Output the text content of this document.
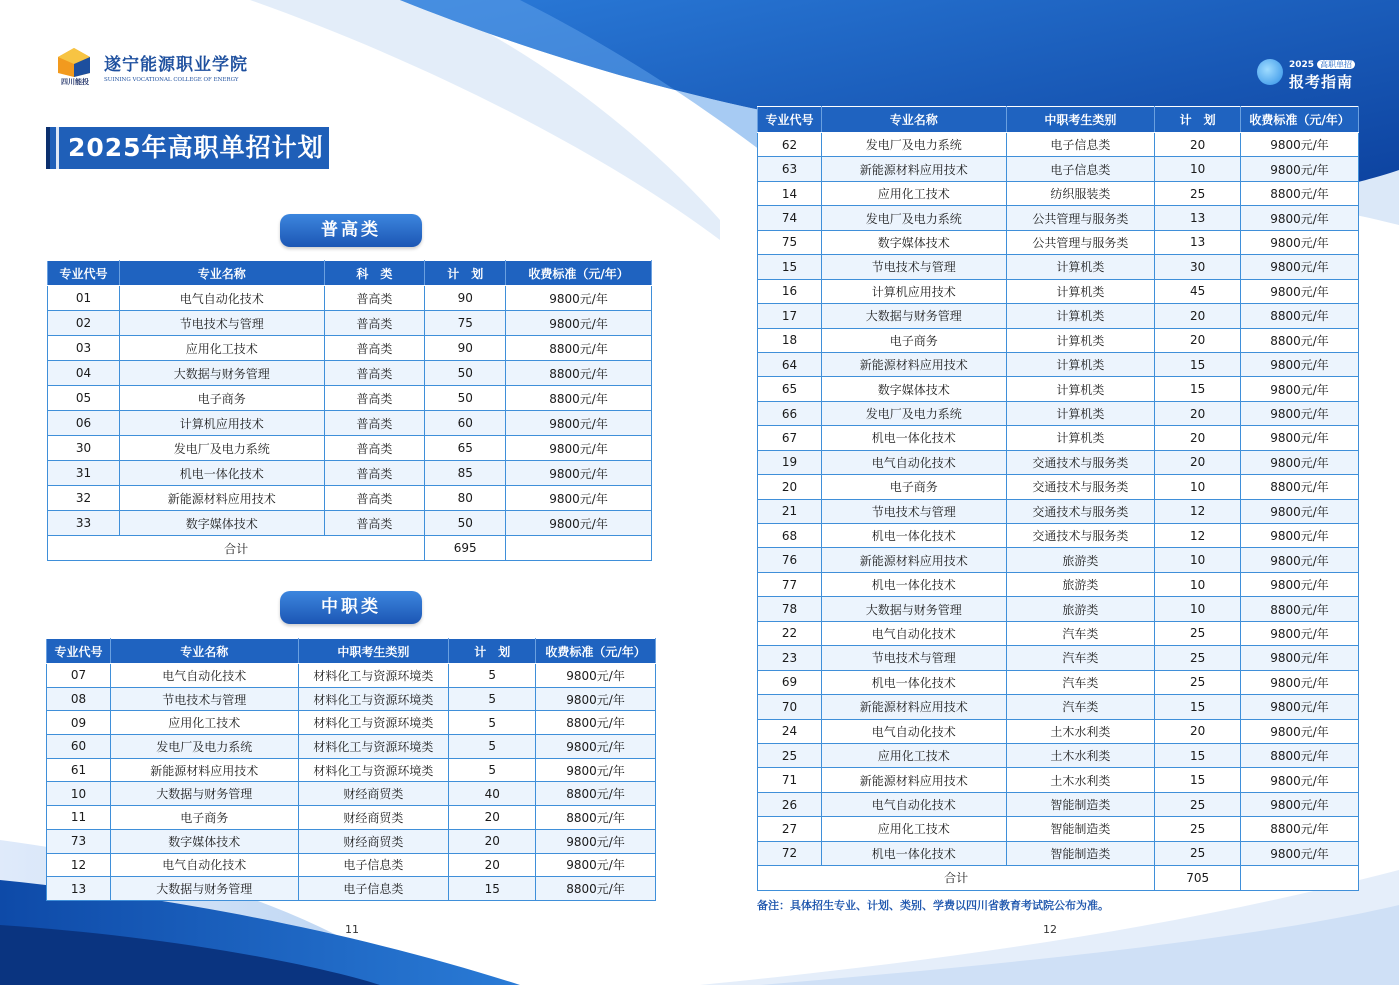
四川能投
遂宁能源职业学院
SUINING VOCATIONAL COLLEGE OF ENERGY
2025 高职单招
报考指南
2025年高职单招计划
普高类
中职类
专业代号	专业名称	科　类	计　划	收费标准（元/年）
01	电气自动化技术	普高类	90	9800元/年
02	节电技术与管理	普高类	75	9800元/年
03	应用化工技术	普高类	90	8800元/年
04	大数据与财务管理	普高类	50	8800元/年
05	电子商务	普高类	50	8800元/年
06	计算机应用技术	普高类	60	9800元/年
30	发电厂及电力系统	普高类	65	9800元/年
31	机电一体化技术	普高类	85	9800元/年
32	新能源材料应用技术	普高类	80	9800元/年
33	数字媒体技术	普高类	50	9800元/年
合计			695	
专业代号	专业名称	中职考生类别	计　划	收费标准（元/年）
07	电气自动化技术	材料化工与资源环境类	5	9800元/年
08	节电技术与管理	材料化工与资源环境类	5	9800元/年
09	应用化工技术	材料化工与资源环境类	5	8800元/年
60	发电厂及电力系统	材料化工与资源环境类	5	9800元/年
61	新能源材料应用技术	材料化工与资源环境类	5	9800元/年
10	大数据与财务管理	财经商贸类	40	8800元/年
11	电子商务	财经商贸类	20	8800元/年
73	数字媒体技术	财经商贸类	20	9800元/年
12	电气自动化技术	电子信息类	20	9800元/年
13	大数据与财务管理	电子信息类	15	8800元/年
专业代号	专业名称	中职考生类别	计　划	收费标准（元/年）
62	发电厂及电力系统	电子信息类	20	9800元/年
63	新能源材料应用技术	电子信息类	10	9800元/年
14	应用化工技术	纺织服装类	25	8800元/年
74	发电厂及电力系统	公共管理与服务类	13	9800元/年
75	数字媒体技术	公共管理与服务类	13	9800元/年
15	节电技术与管理	计算机类	30	9800元/年
16	计算机应用技术	计算机类	45	9800元/年
17	大数据与财务管理	计算机类	20	8800元/年
18	电子商务	计算机类	20	8800元/年
64	新能源材料应用技术	计算机类	15	9800元/年
65	数字媒体技术	计算机类	15	9800元/年
66	发电厂及电力系统	计算机类	20	9800元/年
67	机电一体化技术	计算机类	20	9800元/年
19	电气自动化技术	交通技术与服务类	20	9800元/年
20	电子商务	交通技术与服务类	10	8800元/年
21	节电技术与管理	交通技术与服务类	12	9800元/年
68	机电一体化技术	交通技术与服务类	12	9800元/年
76	新能源材料应用技术	旅游类	10	9800元/年
77	机电一体化技术	旅游类	10	9800元/年
78	大数据与财务管理	旅游类	10	8800元/年
22	电气自动化技术	汽车类	25	9800元/年
23	节电技术与管理	汽车类	25	9800元/年
69	机电一体化技术	汽车类	25	9800元/年
70	新能源材料应用技术	汽车类	15	9800元/年
24	电气自动化技术	土木水利类	20	9800元/年
25	应用化工技术	土木水利类	15	8800元/年
71	新能源材料应用技术	土木水利类	15	9800元/年
26	电气自动化技术	智能制造类	25	9800元/年
27	应用化工技术	智能制造类	25	8800元/年
72	机电一体化技术	智能制造类	25	9800元/年
合计			705	
备注：具体招生专业、计划、类别、学费以四川省教育考试院公布为准。
11	12
